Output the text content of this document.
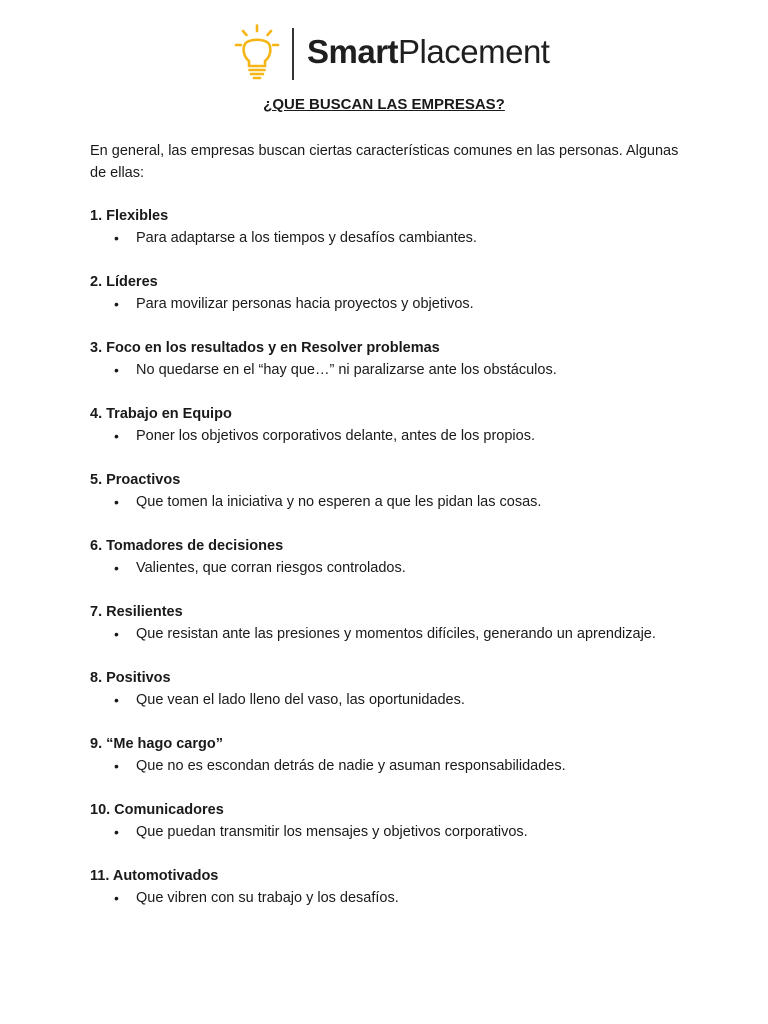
SmartPlacement
¿QUE BUSCAN LAS EMPRESAS?

En general, las empresas buscan ciertas características comunes en las personas. Algunas de ellas:

1. Flexibles

• Para adaptarse a los tiempos y desafíos cambiantes.

2. Líderes

• Para movilizar personas hacia proyectos y objetivos.

3. Foco en los resultados y en Resolver problemas

• No quedarse en el “hay que…” ni paralizarse ante los obstáculos.

4. Trabajo en Equipo

• Poner los objetivos corporativos delante, antes de los propios.

5. Proactivos

• Que tomen la iniciativa y no esperen a que les pidan las cosas.

6. Tomadores de decisiones

• Valientes, que corran riesgos controlados.

7. Resilientes

• Que resistan ante las presiones y momentos difíciles, generando un aprendizaje.

8. Positivos

• Que vean el lado lleno del vaso, las oportunidades.

9. “Me hago cargo”

• Que no es escondan detrás de nadie y asuman responsabilidades.

10. Comunicadores

• Que puedan transmitir los mensajes y objetivos corporativos.

11. Automotivados

• Que vibren con su trabajo y los desafíos.
